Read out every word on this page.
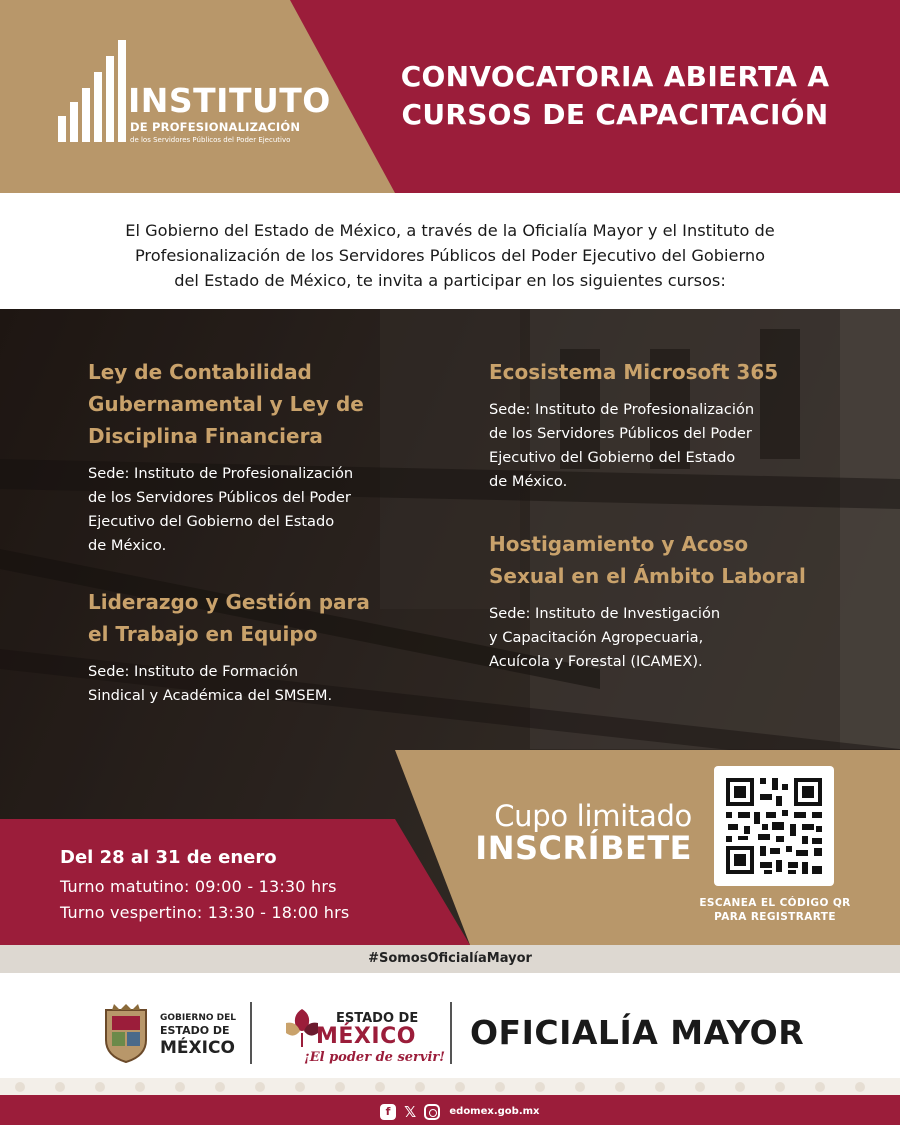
INSTITUTO
DE PROFESIONALIZACIÓN
de los Servidores Públicos del Poder Ejecutivo
CONVOCATORIA ABIERTA A
CURSOS DE CAPACITACIÓN
El Gobierno del Estado de México, a través de la Oficialía Mayor y el Instituto de
Profesionalización de los Servidores Públicos del Poder Ejecutivo del Gobierno
del Estado de México, te invita a participar en los siguientes cursos:
Ley de Contabilidad
Gubernamental y Ley de
Disciplina Financiera

Sede: Instituto de Profesionalización
de los Servidores Públicos del Poder
Ejecutivo del Gobierno del Estado
de México.

Liderazgo y Gestión para
el Trabajo en Equipo

Sede: Instituto de Formación
Sindical y Académica del SMSEM.

Ecosistema Microsoft 365

Sede: Instituto de Profesionalización
de los Servidores Públicos del Poder
Ejecutivo del Gobierno del Estado
de México.

Hostigamiento y Acoso
Sexual en el Ámbito Laboral

Sede: Instituto de Investigación
y Capacitación Agropecuaria,
Acuícola y Forestal (ICAMEX).

Cupo limitado
INSCRÍBETE
ESCANEA EL CÓDIGO QR
PARA REGISTRARTE
Del 28 al 31 de enero
Turno matutino: 09:00 - 13:30 hrs
Turno vespertino: 13:30 - 18:00 hrs
#SomosOficialíaMayor
GOBIERNO DEL
ESTADO DE
MÉXICO
ESTADO DE
MÉXICO
¡El poder de servir!
OFICIALÍA MAYOR
f 𝕏	edomex.gob.mx
